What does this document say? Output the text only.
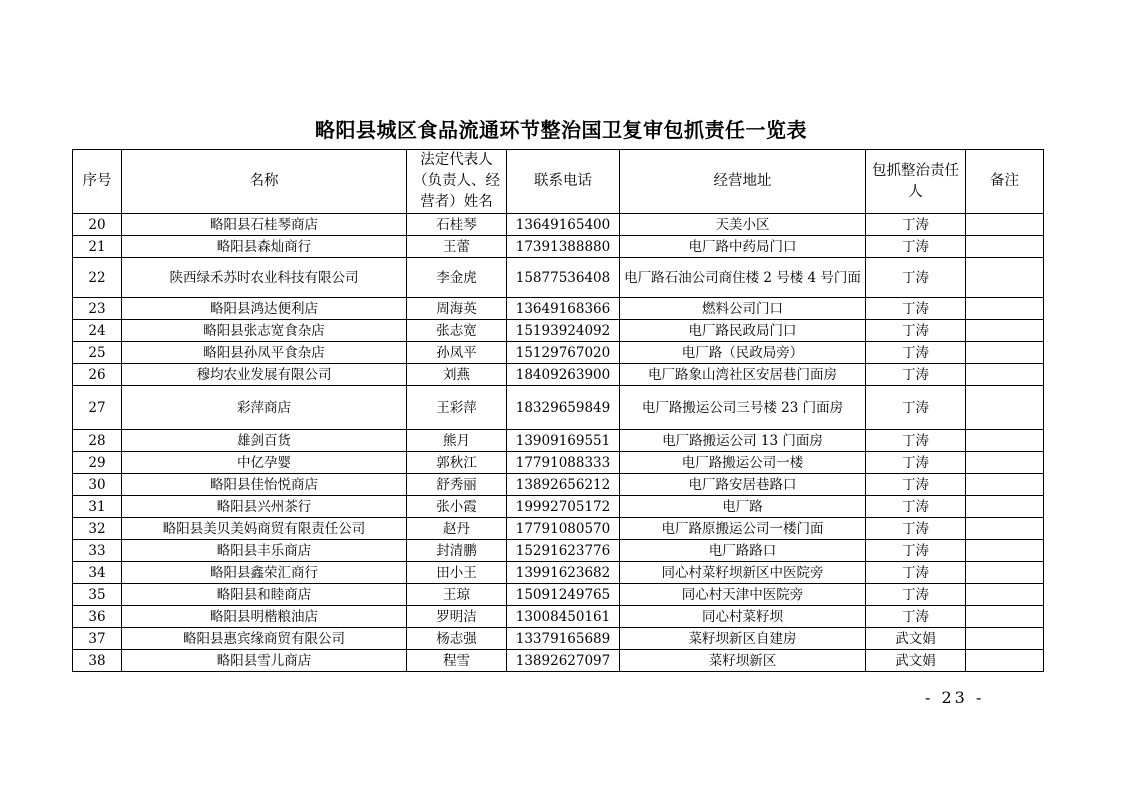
略阳县城区食品流通环节整治国卫复审包抓责任一览表
序号	名称	法定代表人（负责人、经营者）姓名	联系电话	经营地址	包抓整治责任人	备注
20	略阳县石桂琴商店	石桂琴	13649165400	天美小区	丁涛	
21	略阳县森灿商行	王蕾	17391388880	电厂路中药局门口	丁涛	
22	陕西绿禾苏时农业科技有限公司	李金虎	15877536408	电厂路石油公司商住楼 2 号楼 4 号门面	丁涛	
23	略阳县鸿达便利店	周海英	13649168366	燃料公司门口	丁涛	
24	略阳县张志宽食杂店	张志宽	15193924092	电厂路民政局门口	丁涛	
25	略阳县孙凤平食杂店	孙凤平	15129767020	电厂路（民政局旁）	丁涛	
26	穆均农业发展有限公司	刘燕	18409263900	电厂路象山湾社区安居巷门面房	丁涛	
27	彩萍商店	王彩萍	18329659849	电厂路搬运公司三号楼 23 门面房	丁涛	
28	雄剑百货	熊月	13909169551	电厂路搬运公司 13 门面房	丁涛	
29	中亿孕婴	郭秋江	17791088333	电厂路搬运公司一楼	丁涛	
30	略阳县佳怡悦商店	舒秀丽	13892656212	电厂路安居巷路口	丁涛	
31	略阳县兴州茶行	张小霞	19992705172	电厂路	丁涛	
32	略阳县美贝美妈商贸有限责任公司	赵丹	17791080570	电厂路原搬运公司一楼门面	丁涛	
33	略阳县丰乐商店	封清鹏	15291623776	电厂路路口	丁涛	
34	略阳县鑫荣汇商行	田小王	13991623682	同心村菜籽坝新区中医院旁	丁涛	
35	略阳县和睦商店	王琼	15091249765	同心村天津中医院旁	丁涛	
36	略阳县明楷粮油店	罗明洁	13008450161	同心村菜籽坝	丁涛	
37	略阳县惠宾缘商贸有限公司	杨志强	13379165689	菜籽坝新区自建房	武文娟	
38	略阳县雪儿商店	程雪	13892627097	菜籽坝新区	武文娟	
- 23 -
